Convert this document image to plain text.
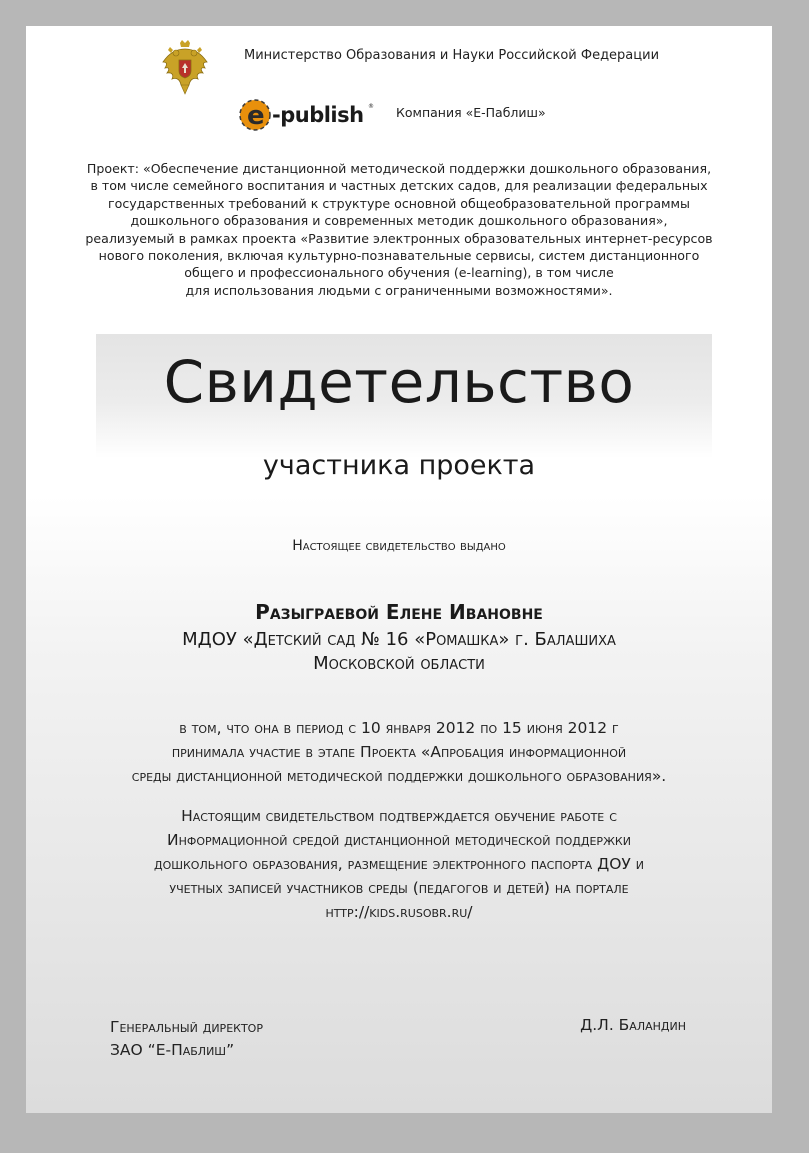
Министерство Образования и Науки Российской Федерации
e -publish ® Компания «Е-Паблиш»
Проект: «Обеспечение дистанционной методической поддержки дошкольного образования,
в том числе семейного воспитания и частных детских садов, для реализации федеральных
государственных требований к структуре основной общеобразовательной программы
дошкольного образования и современных методик дошкольного образования»,
реализуемый в рамках проекта «Развитие электронных образовательных интернет-ресурсов
нового поколения, включая культурно-познавательные сервисы, систем дистанционного
общего и профессионального обучения (e-learning), в том числе
для использования людьми с ограниченными возможностями».
Свидетельство
участника проекта
Настоящее свидетельство выдано
Разыграевой Елене Ивановне
МДОУ «Детский сад № 16 «Ромашка» г. Балашиха
Московской области
в том, что она в период с 10 января 2012 по 15 июня 2012 г
принимала участие в этапе Проекта «Апробация информационной
среды дистанционной методической поддержки дошкольного образования».
Настоящим свидетельством подтверждается обучение работе с
Информационной средой дистанционной методической поддержки
дошкольного образования, размещение электронного паспорта ДОУ и
учетных записей участников среды (педагогов и детей) на портале
http://kids.rusobr.ru/
Генеральный директор
ЗАО “Е-Паблиш”
Д.Л. Баландин
